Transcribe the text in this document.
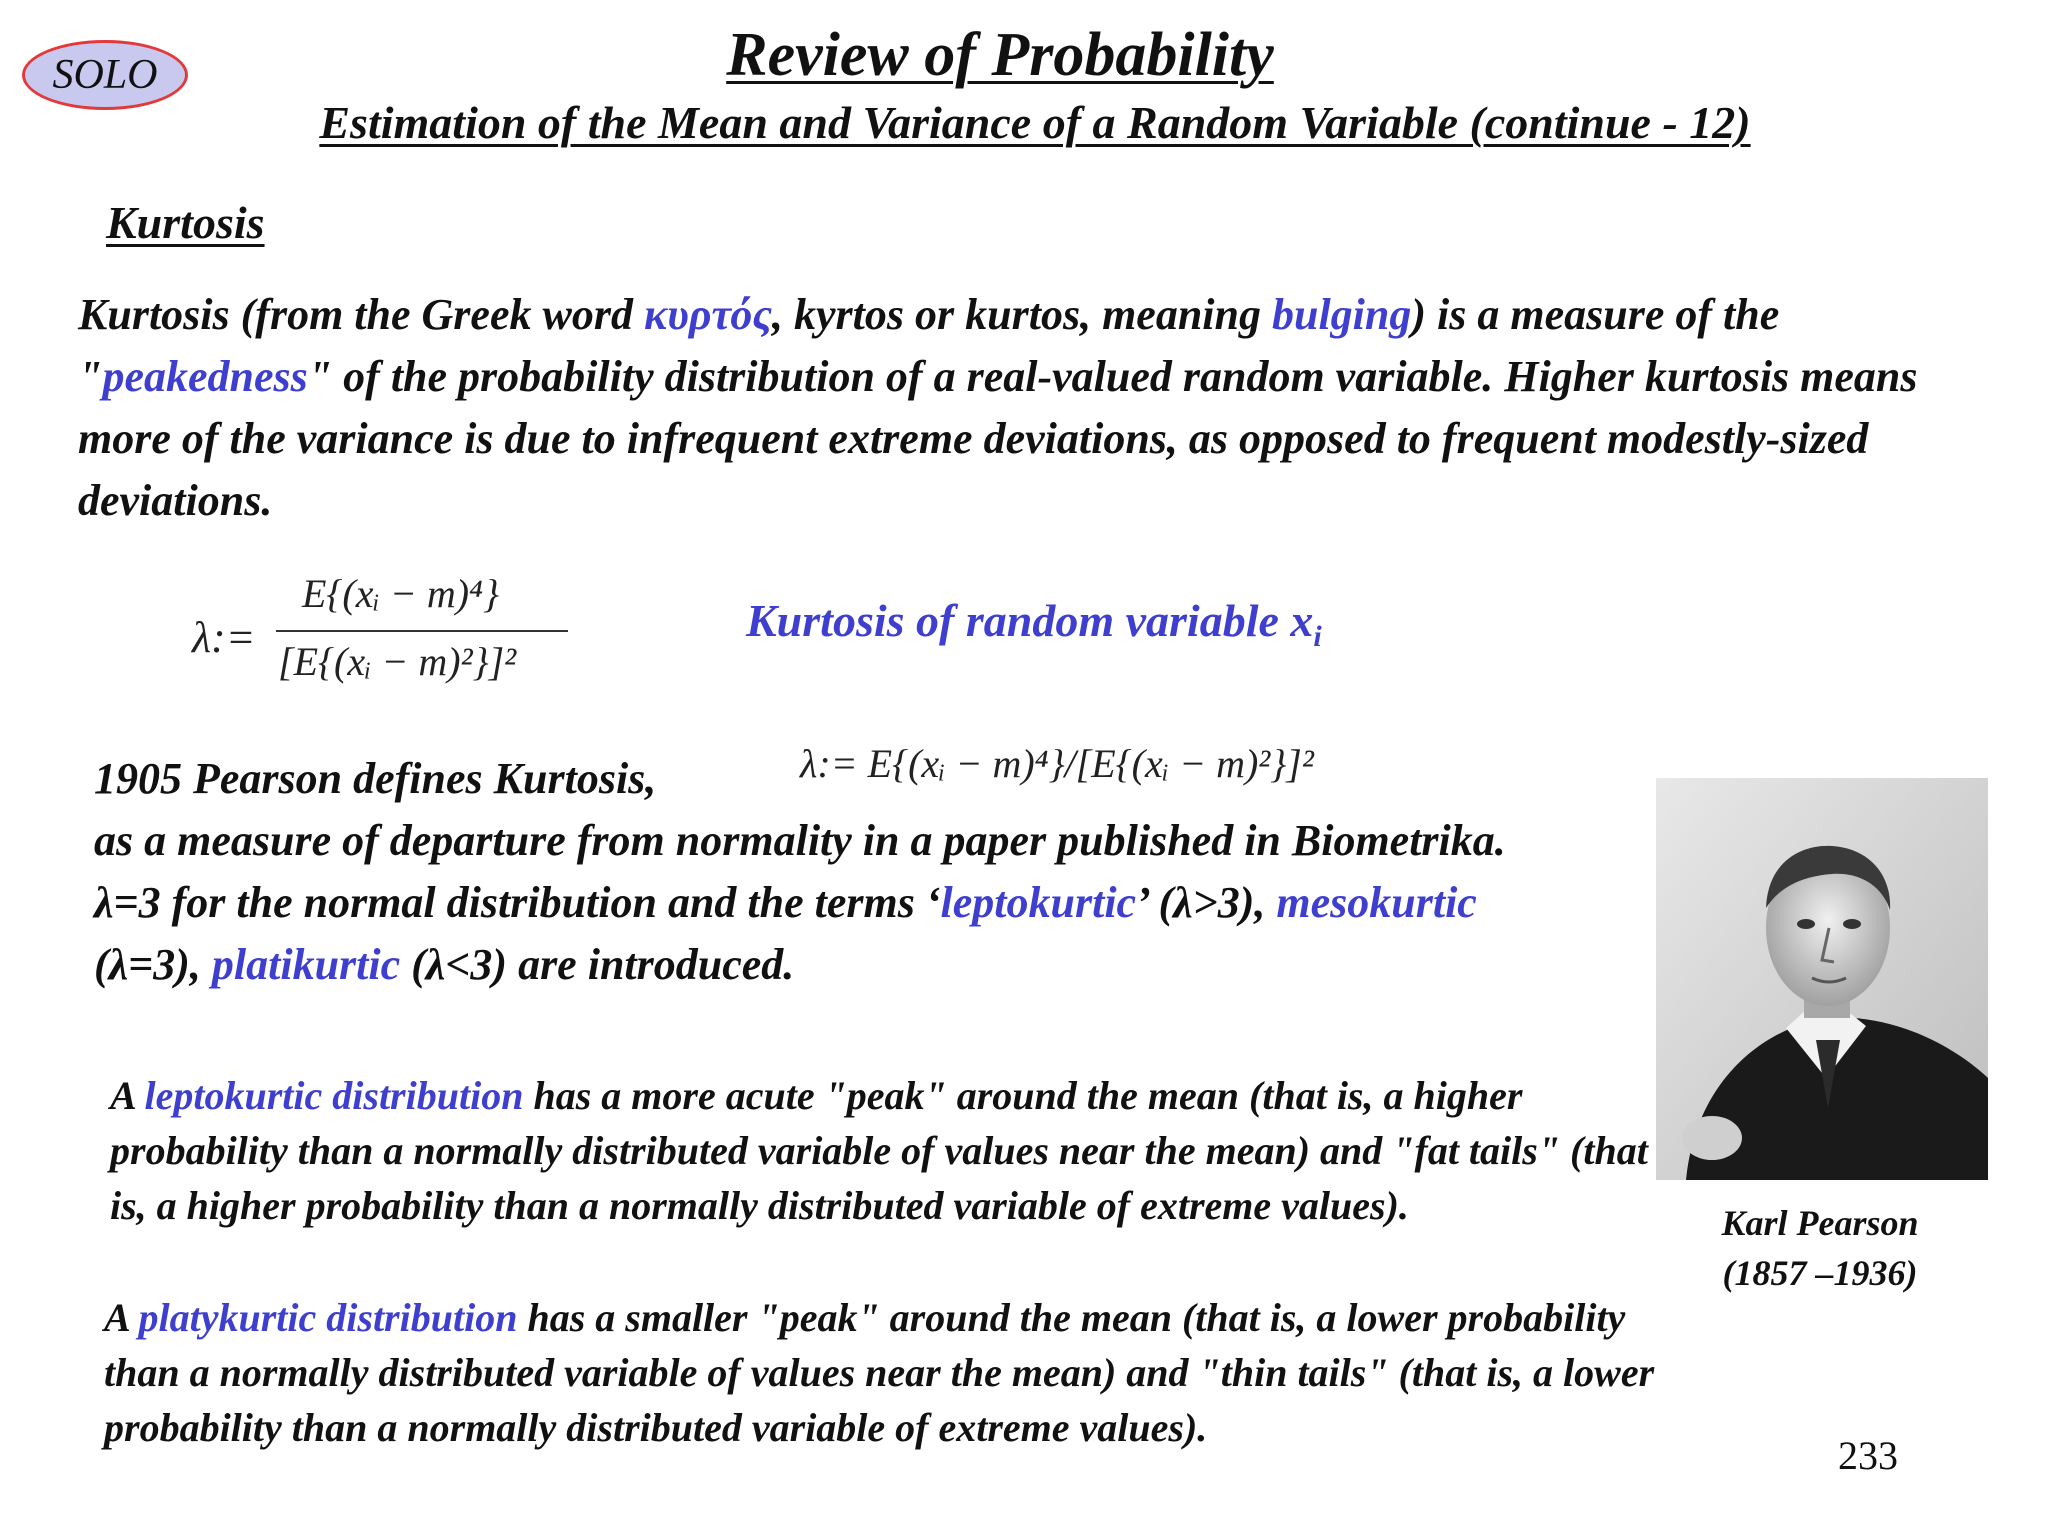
SOLO	Review of Probability
Estimation of the Mean and Variance of a Random Variable (continue - 12)
Kurtosis
Kurtosis (from the Greek word κυρτός, kyrtos or kurtos, meaning bulging) is a measure of the "peakedness" of the probability distribution of a real-valued random variable. Higher kurtosis means more of the variance is due to infrequent extreme deviations, as opposed to frequent modestly-sized deviations.
λ:=
E{(xᵢ − m)⁴}
[E{(xᵢ − m)²}]²
Kurtosis of random variable $x_i$
1905 Pearson defines Kurtosis,
as a measure of departure from normality in a paper published in Biometrika. λ=3 for the normal distribution and the terms ‘leptokurtic’ (λ>3), mesokurtic (λ=3), platikurtic (λ<3) are introduced.
λ:= E{(xᵢ − m)⁴}/[E{(xᵢ − m)²}]²
A leptokurtic distribution has a more acute "peak" around the mean (that is, a higher probability than a normally distributed variable of values near the mean) and "fat tails" (that is, a higher probability than a normally distributed variable of extreme values).
A platykurtic distribution has a smaller "peak" around the mean (that is, a lower probability than a normally distributed variable of values near the mean) and "thin tails" (that is, a lower probability than a normally distributed variable of extreme values).
Karl Pearson
(1857 –1936)
233
